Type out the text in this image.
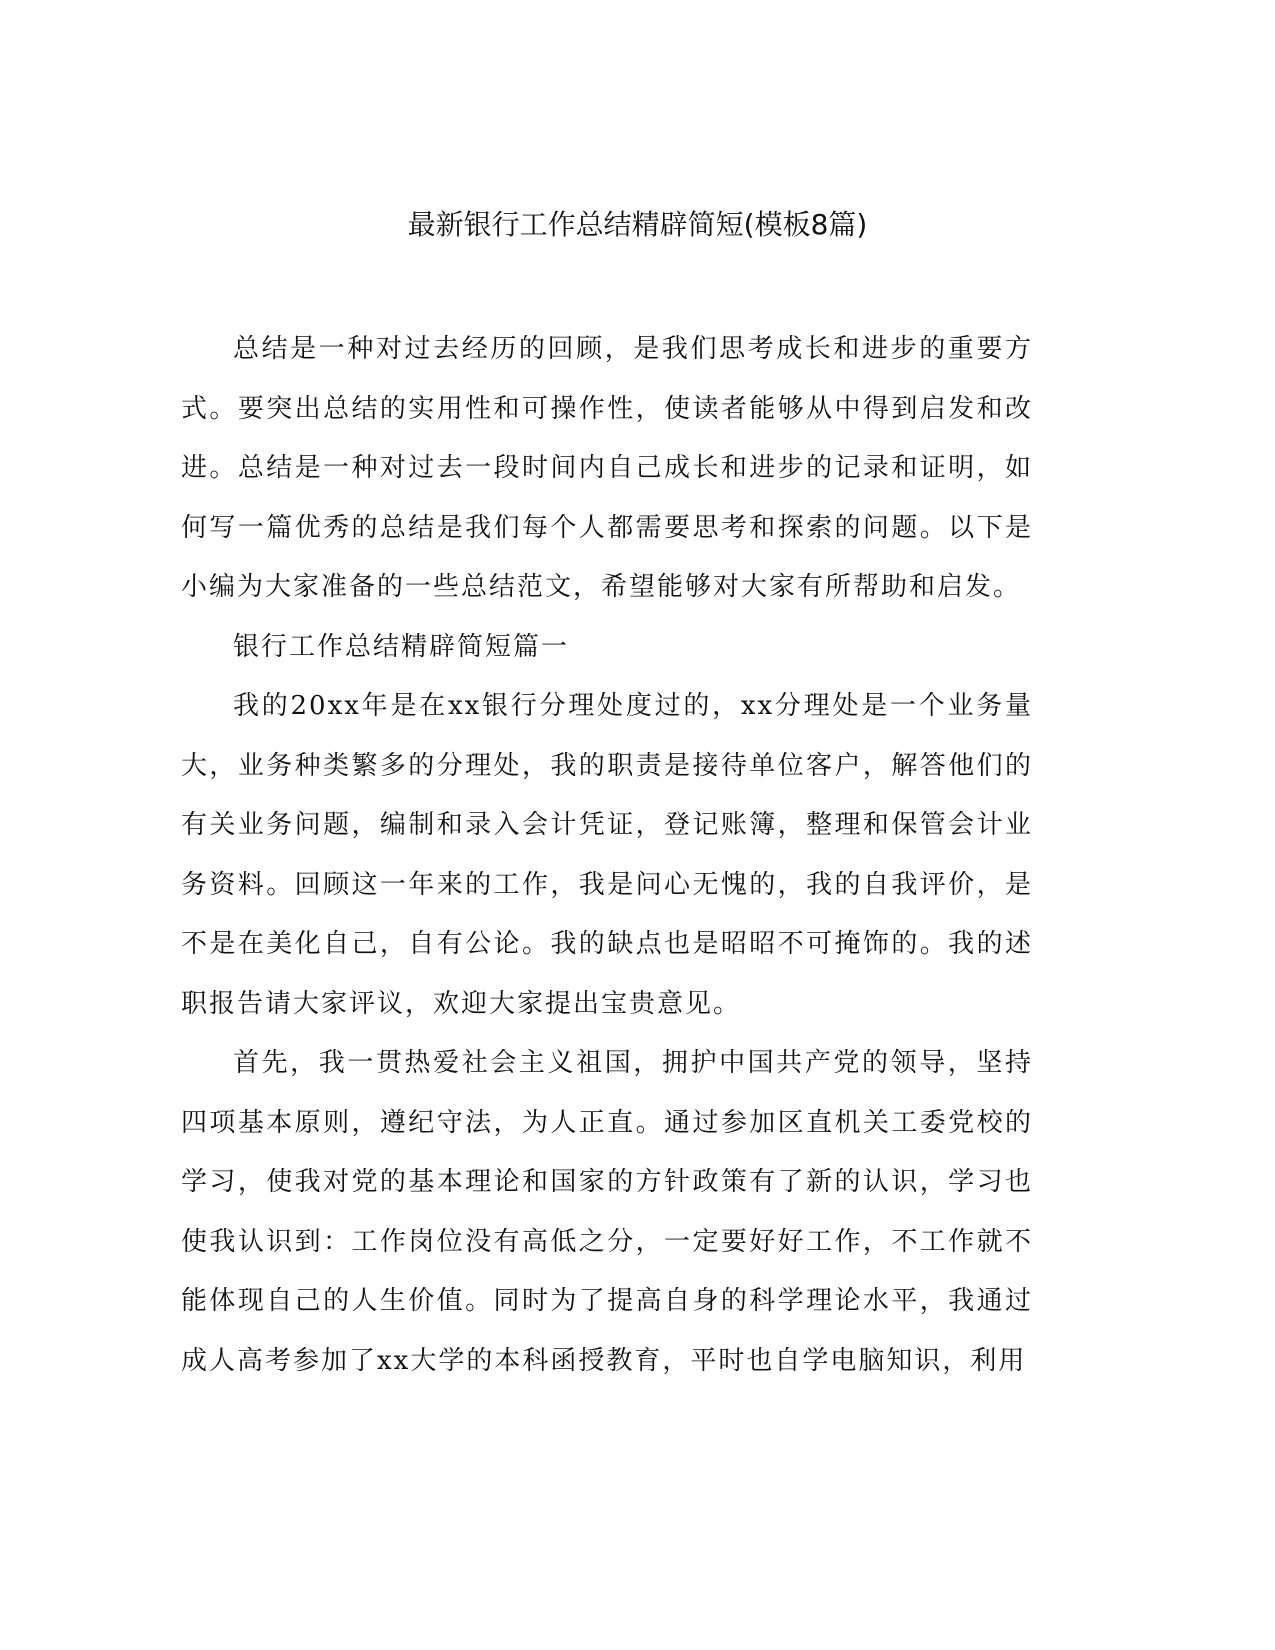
最新银行工作总结精辟简短(模板8篇)

总结是一种对过去经历的回顾，是我们思考成长和进步的重要方式。要突出总结的实用性和可操作性，使读者能够从中得到启发和改进。总结是一种对过去一段时间内自己成长和进步的记录和证明，如何写一篇优秀的总结是我们每个人都需要思考和探索的问题。以下是小编为大家准备的一些总结范文，希望能够对大家有所帮助和启发。

银行工作总结精辟简短篇一

我的20xx年是在xx银行分理处度过的，xx分理处是一个业务量大，业务种类繁多的分理处，我的职责是接待单位客户，解答他们的有关业务问题，编制和录入会计凭证，登记账簿，整理和保管会计业务资料。回顾这一年来的工作，我是问心无愧的，我的自我评价，是不是在美化自己，自有公论。我的缺点也是昭昭不可掩饰的。我的述职报告请大家评议，欢迎大家提出宝贵意见。

首先，我一贯热爱社会主义祖国，拥护中国共产党的领导，坚持四项基本原则，遵纪守法，为人正直。通过参加区直机关工委党校的学习，使我对党的基本理论和国家的方针政策有了新的认识，学习也使我认识到：工作岗位没有高低之分，一定要好好工作，不工作就不能体现自己的人生价值。同时为了提高自身的科学理论水平，我通过成人高考参加了xx大学的本科函授教育，平时也自学电脑知识，利用
